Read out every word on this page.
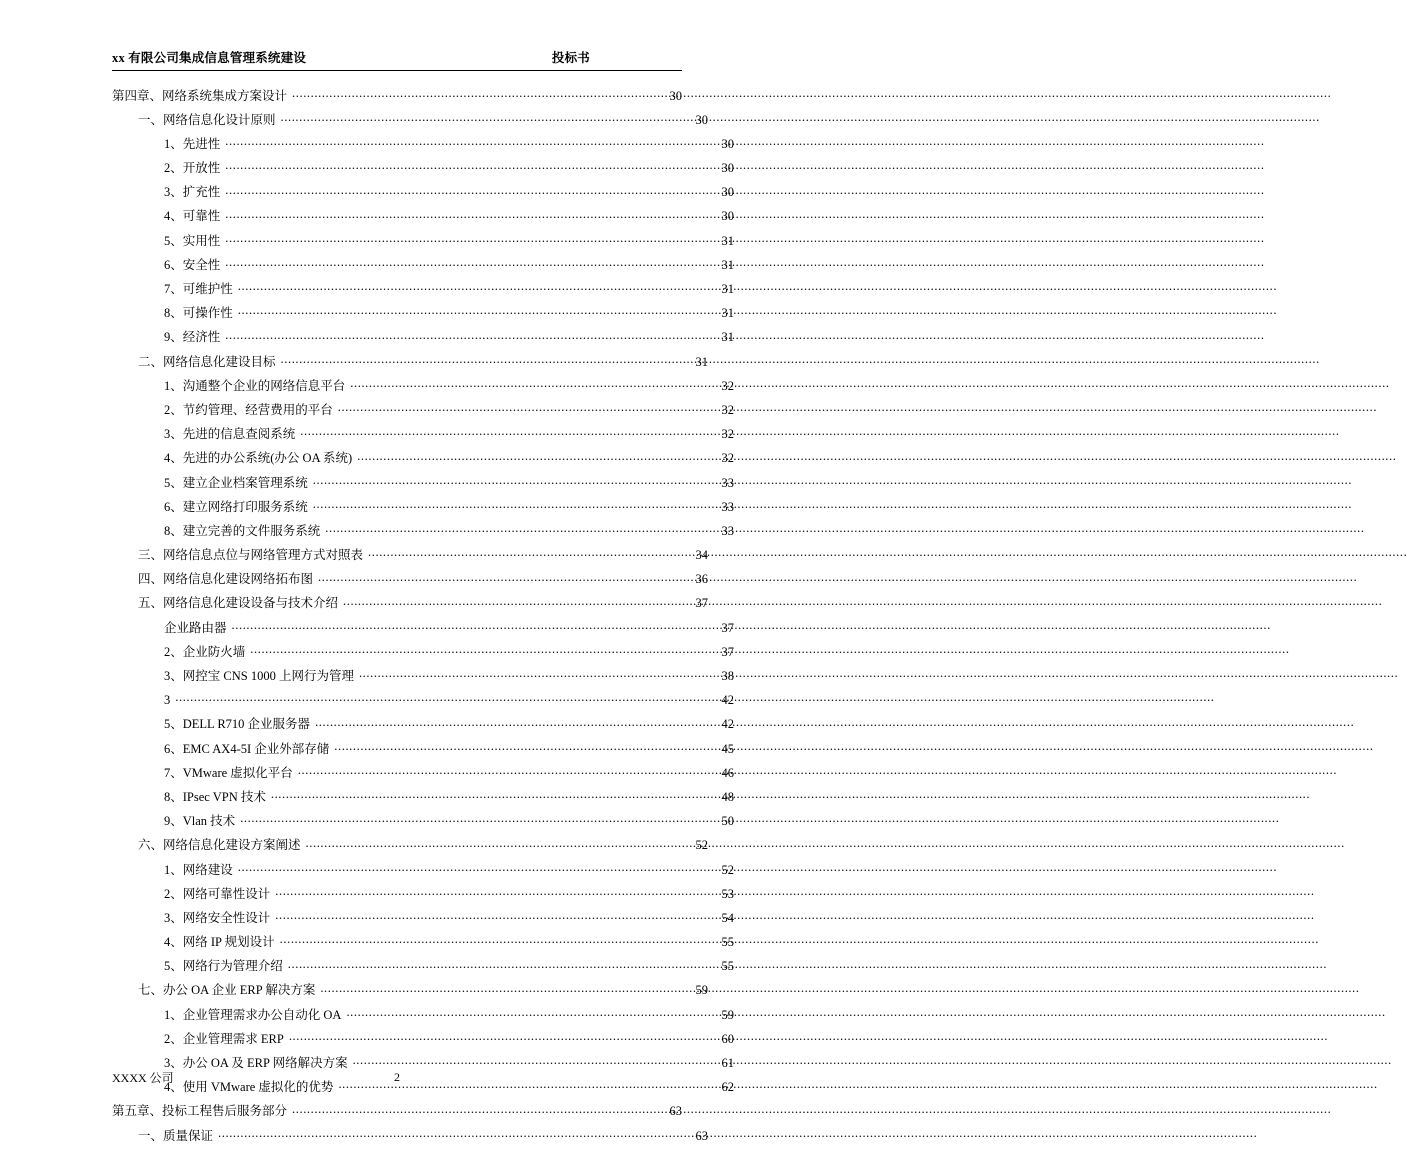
xx 有限公司集成信息管理系统建设	投标书
第四章、网络系统集成方案设计 .....	30
一、网络信息化设计原则 .....	30
1、先进性 .....	30
2、开放性 .....	30
3、扩充性 .....	30
4、可靠性 .....	30
5、实用性 .....	31
6、安全性 .....	31
7、可维护性 .....	31
8、可操作性 .....	31
9、经济性 .....	31
二、网络信息化建设目标 .....	31
1、沟通整个企业的网络信息平台 .....	32
2、节约管理、经营费用的平台 .....	32
3、先进的信息查阅系统 .....	32
4、先进的办公系统(办公 OA 系统) .....	32
5、建立企业档案管理系统 .....	33
6、建立网络打印服务系统 .....	33
8、建立完善的文件服务系统 .....	33
三、网络信息点位与网络管理方式对照表 .....	34
四、网络信息化建设网络拓布图 .....	36
五、网络信息化建设设备与技术介绍 .....	37
企业路由器 .....	37
2、企业防火墙 .....	37
3、网控宝 CNS 1000 上网行为管理 .....	38
3 .....	42
5、DELL R710 企业服务器 .....	42
6、EMC AX4-5I 企业外部存储 .....	45
7、VMware 虚拟化平台 .....	46
8、IPsec VPN 技术 .....	48
9、Vlan 技术 .....	50
六、网络信息化建设方案阐述 .....	52
1、网络建设 .....	52
2、网络可靠性设计 .....	53
3、网络安全性设计 .....	54
4、网络 IP 规划设计 .....	55
5、网络行为管理介绍 .....	55
七、办公 OA 企业 ERP 解决方案 .....	59
1、企业管理需求办公自动化 OA .....	59
2、企业管理需求 ERP .....	60
3、办公 OA 及 ERP 网络解决方案 .....	61
4、使用 VMware 虚拟化的优势 .....	62
第五章、投标工程售后服务部分 .....	63
一、质量保证 .....	63
XXXX 公司	2
